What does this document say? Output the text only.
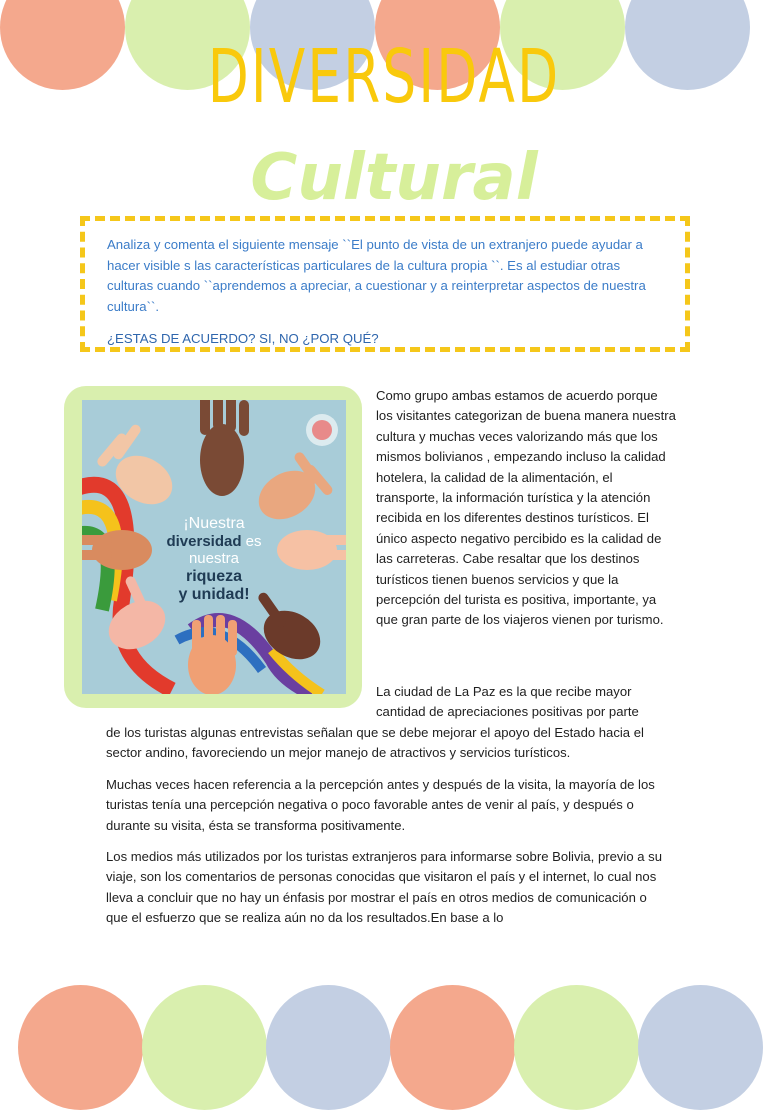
DIVERSIDAD
Cultural

Analiza y comenta el siguiente mensaje ``El punto de vista de un extranjero puede ayudar a hacer visible s las características particulares de la cultura propia ``. Es al estudiar otras culturas cuando ``aprendemos a apreciar, a cuestionar y a reinterpretar aspectos de nuestra cultura``.

¿ESTAS DE ACUERDO? SI, NO ¿POR QUÉ?

¡Nuestra
diversidad es
nuestra
riqueza
y unidad!

Como grupo ambas estamos de acuerdo porque los visitantes categorizan de buena manera nuestra cultura y muchas veces valorizando más que los mismos bolivianos , empezando incluso la calidad hotelera, la calidad de la alimentación, el transporte, la información turística y la atención recibida en los diferentes destinos turísticos. El único aspecto negativo percibido es la calidad de las carreteras. Cabe resaltar que los destinos turísticos tienen buenos servicios y que la percepción del turista es positiva, importante, ya que gran parte de los viajeros vienen por turismo.

La ciudad de La Paz es la que recibe mayor cantidad de apreciaciones positivas por parte

de los turistas algunas entrevistas señalan que se debe mejorar el apoyo del Estado hacia el sector andino, favoreciendo un mejor manejo de atractivos y servicios turísticos.

Muchas veces hacen referencia a la percepción antes y después de la visita, la mayoría de los turistas tenía una percepción negativa o poco favorable antes de venir al país, y después o durante su visita, ésta se transforma positivamente.

Los medios más utilizados por los turistas extranjeros para informarse sobre Bolivia, previo a su viaje, son los comentarios de personas conocidas que visitaron el país y el internet, lo cual nos lleva a concluir que no hay un énfasis por mostrar el país en otros medios de comunicación o que el esfuerzo que se realiza aún no da los resultados.En base a lo
